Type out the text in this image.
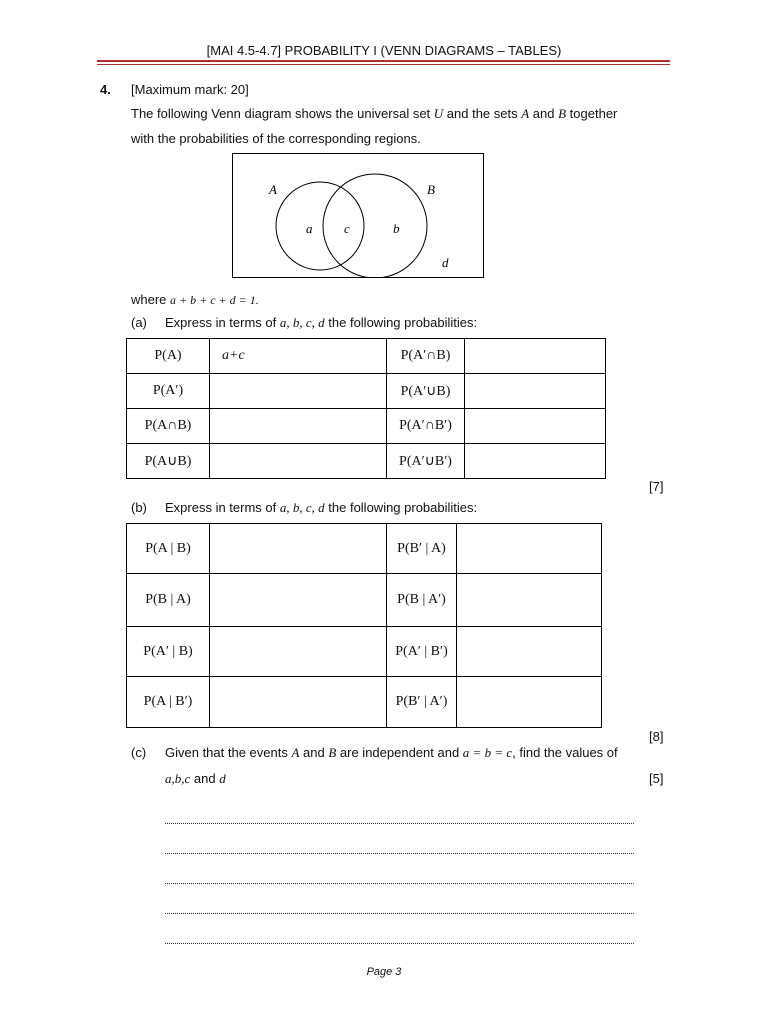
[MAI 4.5-4.7] PROBABILITY I (VENN DIAGRAMS – TABLES)
4. [Maximum mark: 20]
The following Venn diagram shows the universal set U and the sets A and B together
with the probabilities of the corresponding regions.
A	B
a c	b
d
where a + b + c + d = 1.
(a) Express in terms of a, b, c, d the following probabilities:
P(A)	a+c	P(A′∩B)	
P(A′)		P(A′∪B)	
P(A∩B)		P(A′∩B′)	
P(A∪B)		P(A′∪B′)	
[7]
(b) Express in terms of a, b, c, d the following probabilities:
P(A | B)		P(B′ | A)	
P(B | A)		P(B | A′)	
P(A′ | B)		P(A′ | B′)	
P(A | B′)		P(B′ | A′)	
[8]
(c) Given that the events A and B are independent and a = b = c, find the values of
a,b,c and d	[5]
Page 3
